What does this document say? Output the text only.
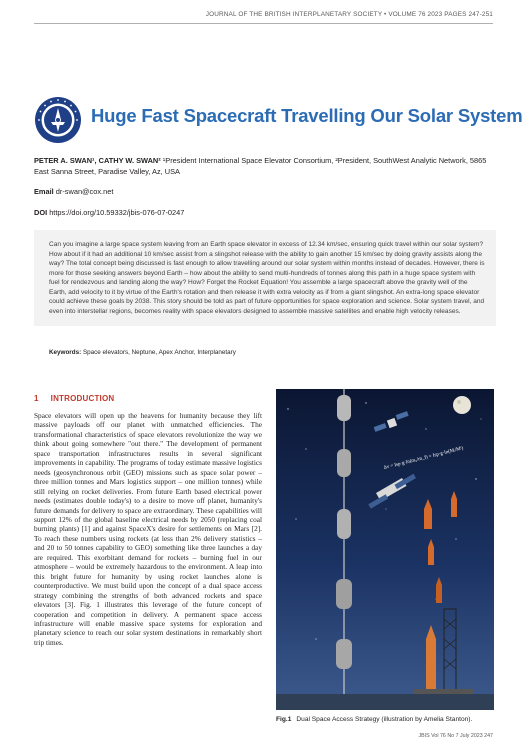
JOURNAL OF THE BRITISH INTERPLANETARY SOCIETY • VOLUME 76 2023 PAGES 247-251
Huge Fast Spacecraft Travelling Our Solar System
PETER A. SWAN¹, CATHY W. SWAN² ¹President International Space Elevator Consortium, ²President, SouthWest Analytic Network, 5865 East Sanna Street, Paradise Valley, Az, USA
Email dr-swan@cox.net
DOI https://doi.org/10.59332/jbis-076-07-0247
Can you imagine a large space system leaving from an Earth space elevator in excess of 12.34 km/sec, ensuring quick travel within our solar system? How about if it had an additional 10 km/sec assist from a slingshot release with the ability to gain another 15 km/sec by doing gravity assists along the way? The total concept being discussed is fast enough to allow travelling around our solar system within months instead of decades. However, there is more for those seeking answers beyond Earth – how about the ability to send multi-hundreds of tonnes along this path in a huge space system with fuel for rendezvous and landing along the way? How? Forget the Rocket Equation! You assemble a large spacecraft above the gravity well of the Earth, add velocity to it by virtue of the Earth's rotation and then release it with extra velocity as if from a giant slingshot. An extra-long space elevator could achieve these goals by 2038. This story should be told as part of future opportunities for space exploration and science. Solar system travel, and even into interstellar regions, becomes reality with space elevators designed to assemble massive satellites and enable high velocity releases.
Keywords: Space elevators, Neptune, Apex Anchor, Interplanetary
1 INTRODUCTION
Space elevators will open up the heavens for humanity because they lift massive payloads off our planet with unmatched efficiencies. The transformational characteristics of space elevators revolutionize the way we think about going somewhere "out there." The development of permanent space transportation infrastructures results in several significant improvements in capability. The programs of today estimate massive logistics needs (geosynchronous orbit (GEO) missions such as space solar power – three million tonnes and Mars logistics support – one million tonnes) while still relying on rocket deliveries. From future Earth based electrical power needs (estimates double today's) to a desire to move off planet, humanity's future demands for delivery to space are extraordinary. These capabilities will support 12% of the global baseline electrical needs by 2050 (replacing coal burning plants) [1] and against SpaceX's desire for settlements on Mars [2]. To reach these numbers using rockets (at less than 2% delivery statistics – and 20 to 50 tonnes capability to GEO) something like three launches a day are required. This exorbitant demand for rockets – burning fuel in our atmosphere – would be extremely hazardous to the environment. A leap into this bright future for humanity by using rocket launches alone is counterproductive. We must build upon the concept of a dual space access strategy combining the strengths of both advanced rockets and space elevators [3]. Fig. 1 illustrates this leverage of the future concept of cooperation and competition in delivery. A permanent space access infrastructure will enable massive space systems for exploration and planetary science to reach our solar system destinations in remarkably short trip times.
Δv = Isp·g·ln(m₀/m_f) = Isp·g·ln(Mᵢ/Mᶠ)
Fig.1 Dual Space Access Strategy (illustration by Amelia Stanton).
JBIS Vol 76 No 7 July 2023 247
